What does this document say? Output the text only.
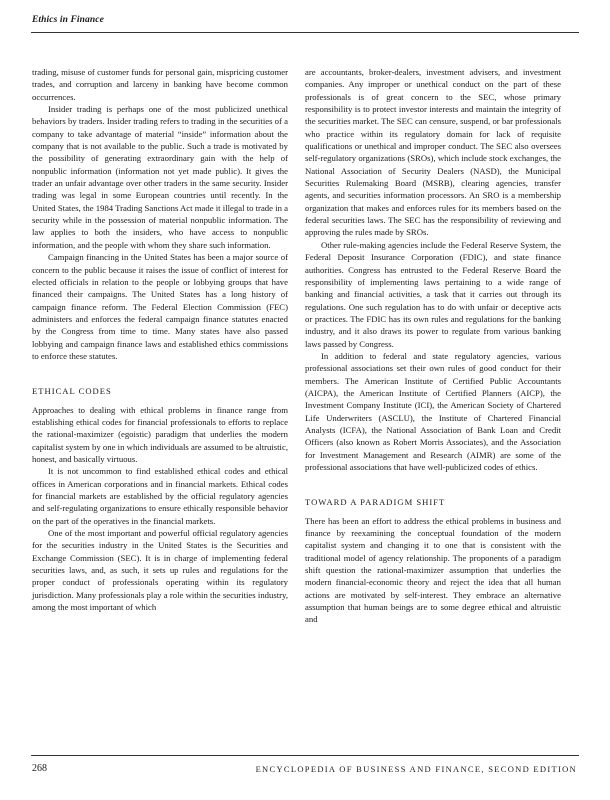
Ethics in Finance

trading, misuse of customer funds for personal gain, mispricing customer trades, and corruption and larceny in banking have become common occurrences.

Insider trading is perhaps one of the most publicized unethical behaviors by traders. Insider trading refers to trading in the securities of a company to take advantage of material “inside” information about the company that is not available to the public. Such a trade is motivated by the possibility of generating extraordinary gain with the help of nonpublic information (information not yet made public). It gives the trader an unfair advantage over other traders in the same security. Insider trading was legal in some European countries until recently. In the United States, the 1984 Trading Sanctions Act made it illegal to trade in a security while in the possession of material nonpublic information. The law applies to both the insiders, who have access to nonpublic information, and the people with whom they share such information.

Campaign financing in the United States has been a major source of concern to the public because it raises the issue of conflict of interest for elected officials in relation to the people or lobbying groups that have financed their campaigns. The United States has a long history of campaign finance reform. The Federal Election Commission (FEC) administers and enforces the federal campaign finance statutes enacted by the Congress from time to time. Many states have also passed lobbying and campaign finance laws and established ethics commissions to enforce these statutes.

ETHICAL CODES

Approaches to dealing with ethical problems in finance range from establishing ethical codes for financial professionals to efforts to replace the rational-maximizer (egoistic) paradigm that underlies the modern capitalist system by one in which individuals are assumed to be altruistic, honest, and basically virtuous.

It is not uncommon to find established ethical codes and ethical offices in American corporations and in financial markets. Ethical codes for financial markets are established by the official regulatory agencies and self-regulating organizations to ensure ethically responsible behavior on the part of the operatives in the financial markets.

One of the most important and powerful official regulatory agencies for the securities industry in the United States is the Securities and Exchange Commission (SEC). It is in charge of implementing federal securities laws, and, as such, it sets up rules and regulations for the proper conduct of professionals operating within its regulatory jurisdiction. Many professionals play a role within the securities industry, among the most important of which

are accountants, broker-dealers, investment advisers, and investment companies. Any improper or unethical conduct on the part of these professionals is of great concern to the SEC, whose primary responsibility is to protect investor interests and maintain the integrity of the securities market. The SEC can censure, suspend, or bar professionals who practice within its regulatory domain for lack of requisite qualifications or unethical and improper conduct. The SEC also oversees self-regulatory organizations (SROs), which include stock exchanges, the National Association of Security Dealers (NASD), the Municipal Securities Rulemaking Board (MSRB), clearing agencies, transfer agents, and securities information processors. An SRO is a membership organization that makes and enforces rules for its members based on the federal securities laws. The SEC has the responsibility of reviewing and approving the rules made by SROs.

Other rule-making agencies include the Federal Reserve System, the Federal Deposit Insurance Corporation (FDIC), and state finance authorities. Congress has entrusted to the Federal Reserve Board the responsibility of implementing laws pertaining to a wide range of banking and financial activities, a task that it carries out through its regulations. One such regulation has to do with unfair or deceptive acts or practices. The FDIC has its own rules and regulations for the banking industry, and it also draws its power to regulate from various banking laws passed by Congress.

In addition to federal and state regulatory agencies, various professional associations set their own rules of good conduct for their members. The American Institute of Certified Public Accountants (AICPA), the American Institute of Certified Planners (AICP), the Investment Company Institute (ICI), the American Society of Chartered Life Underwriters (ASCLU), the Institute of Chartered Financial Analysts (ICFA), the National Association of Bank Loan and Credit Officers (also known as Robert Morris Associates), and the Association for Investment Management and Research (AIMR) are some of the professional associations that have well-publicized codes of ethics.

TOWARD A PARADIGM SHIFT

There has been an effort to address the ethical problems in business and finance by reexamining the conceptual foundation of the modern capitalist system and changing it to one that is consistent with the traditional model of agency relationship. The proponents of a paradigm shift question the rational-maximizer assumption that underlies the modern financial-economic theory and reject the idea that all human actions are motivated by self-interest. They embrace an alternative assumption that human beings are to some degree ethical and altruistic and

268	ENCYCLOPEDIA OF BUSINESS AND FINANCE, SECOND EDITION
